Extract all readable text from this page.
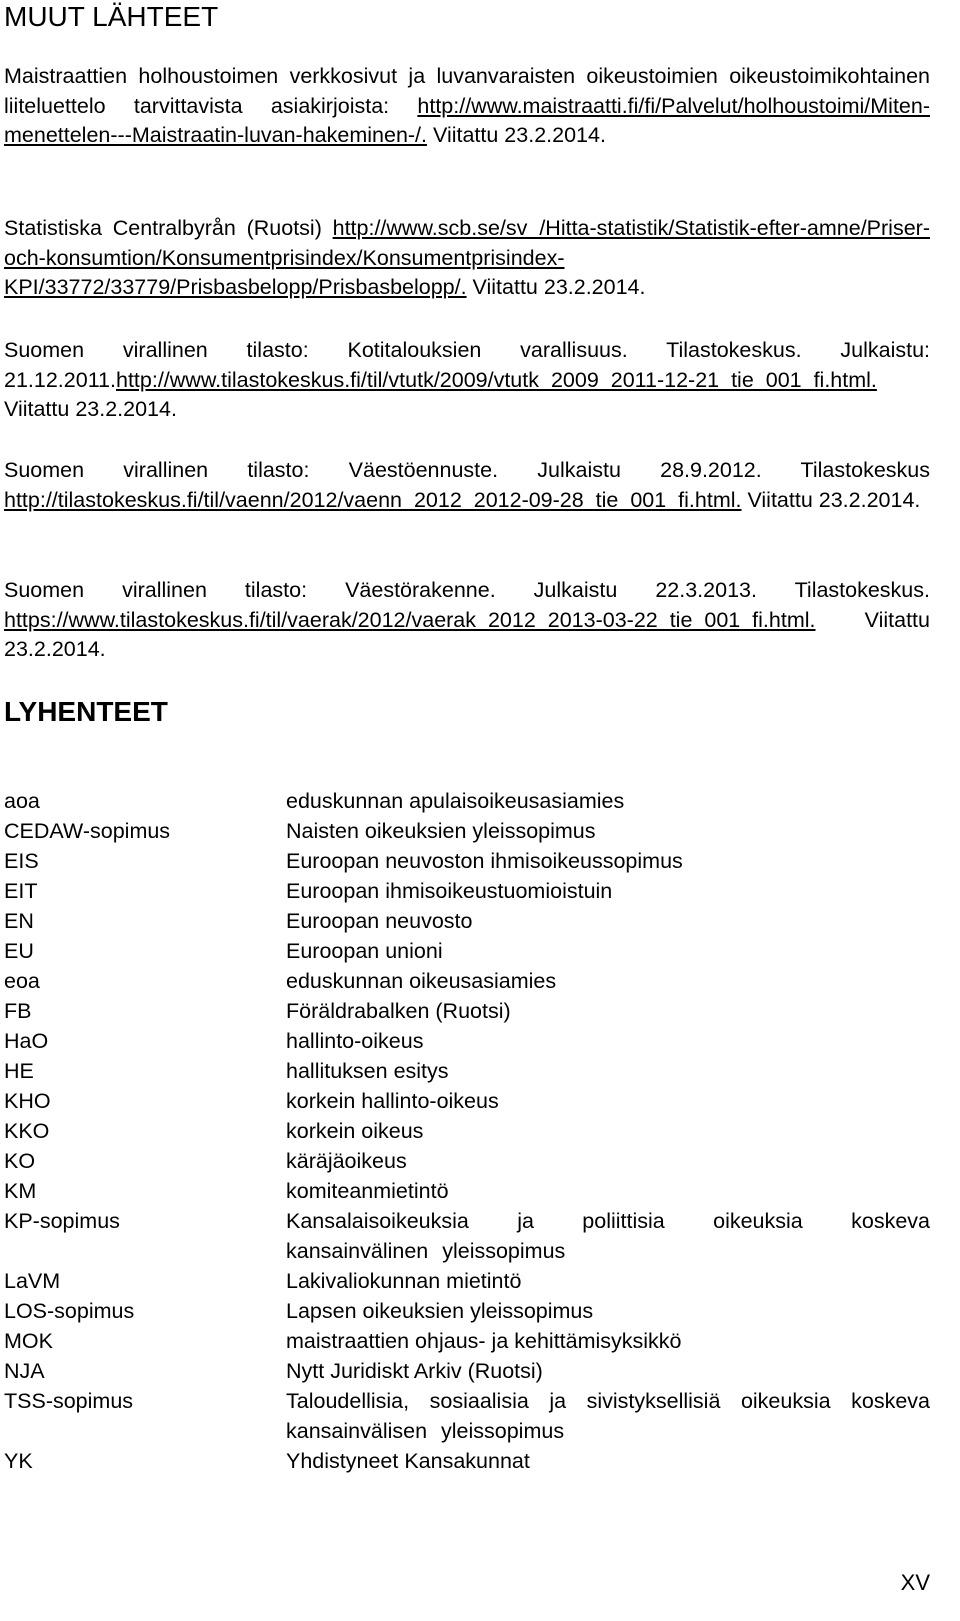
MUUT LÄHTEET

Maistraattien holhoustoimen verkkosivut ja luvanvaraisten oikeustoimien oikeustoimikohtainen liiteluettelo tarvittavista asiakirjoista: http://www.maistraatti.fi/fi/Palvelut/holhoustoimi/Miten-menettelen---Maistraatin-luvan-hakeminen-/. Viitattu 23.2.2014.

Statistiska Centralbyrån (Ruotsi) http://www.scb.se/sv_/Hitta-statistik/Statistik-efter-amne/Priser-och-konsumtion/Konsumentprisindex/Konsumentprisindex-KPI/33772/33779/Prisbasbelopp/Prisbasbelopp/. Viitattu 23.2.2014.

Suomen virallinen tilasto: Kotitalouksien varallisuus. Tilastokeskus. Julkaistu: 21.12.2011.http://www.tilastokeskus.fi/til/vtutk/2009/vtutk_2009_2011-12-21_tie_001_fi.html. Viitattu 23.2.2014.

Suomen virallinen tilasto: Väestöennuste. Julkaistu 28.9.2012. Tilastokeskus http://tilastokeskus.fi/til/vaenn/2012/vaenn_2012_2012-09-28_tie_001_fi.html. Viitattu 23.2.2014.

Suomen virallinen tilasto: Väestörakenne. Julkaistu 22.3.2013. Tilastokeskus. https://www.tilastokeskus.fi/til/vaerak/2012/vaerak_2012_2013-03-22_tie_001_fi.html. Viitattu 23.2.2014.

LYHENTEET
aoa	eduskunnan apulaisoikeusasiamies
CEDAW-sopimus	Naisten oikeuksien yleissopimus
EIS	Euroopan neuvoston ihmisoikeussopimus
EIT	Euroopan ihmisoikeustuomioistuin
EN	Euroopan neuvosto
EU	Euroopan unioni
eoa	eduskunnan oikeusasiamies
FB	Föräldrabalken (Ruotsi)
HaO	hallinto-oikeus
HE	hallituksen esitys
KHO	korkein hallinto-oikeus
KKO	korkein oikeus
KO	käräjäoikeus
KM	komiteanmietintö
KP-sopimus	Kansalaisoikeuksia ja poliittisia oikeuksia koskeva kansainvälinen yleissopimus
LaVM	Lakivaliokunnan mietintö
LOS-sopimus	Lapsen oikeuksien yleissopimus
MOK	maistraattien ohjaus- ja kehittämisyksikkö
NJA	Nytt Juridiskt Arkiv (Ruotsi)
TSS-sopimus	Taloudellisia, sosiaalisia ja sivistyksellisiä oikeuksia koskeva kansainvälisen yleissopimus
YK	Yhdistyneet Kansakunnat
XV
